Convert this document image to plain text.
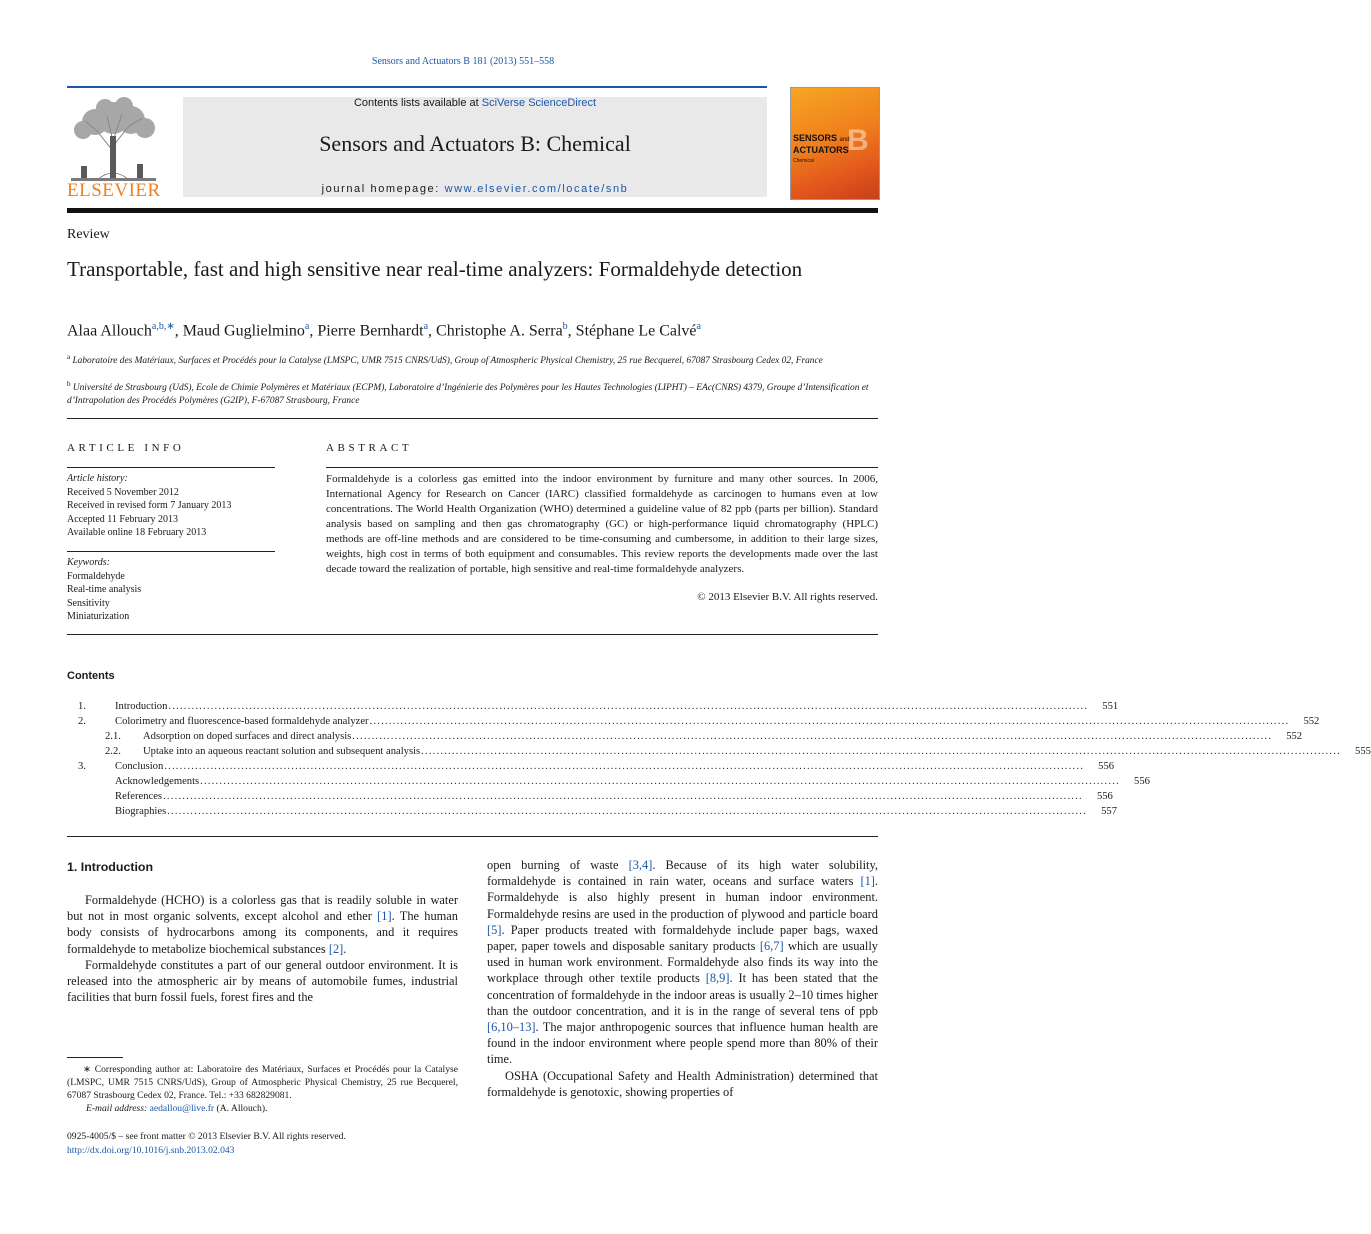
Sensors and Actuators B 181 (2013) 551–558
ELSEVIER
Contents lists available at SciVerse ScienceDirect
Sensors and Actuators B: Chemical
journal homepage: www.elsevier.com/locate/snb
B
SENSORS and
ACTUATORS
Chemical
Review
Transportable, fast and high sensitive near real-time analyzers: Formaldehyde detection
Alaa Allouch$^{a,b,∗}$, Maud Guglielmino$^a$, Pierre Bernhardt$^a$, Christophe A. Serra$^b$, Stéphane Le Calvé$^a$
$^a$ Laboratoire des Matériaux, Surfaces et Procédés pour la Catalyse (LMSPC, UMR 7515 CNRS/UdS), Group of Atmospheric Physical Chemistry, 25 rue Becquerel, 67087 Strasbourg Cedex 02, France
$^b$ Université de Strasbourg (UdS), Ecole de Chimie Polymères et Matériaux (ECPM), Laboratoire d’Ingénierie des Polymères pour les Hautes Technologies (LIPHT) – EAc(CNRS) 4379, Groupe d’Intensification et d’Intrapolation des Procédés Polymères (G2IP), F-67087 Strasbourg, France
ARTICLE INFO
Article history:
Received 5 November 2012
Received in revised form 7 January 2013
Accepted 11 February 2013
Available online 18 February 2013
Keywords:
Formaldehyde
Real-time analysis
Sensitivity
Miniaturization
ABSTRACT
Formaldehyde is a colorless gas emitted into the indoor environment by furniture and many other sources. In 2006, International Agency for Research on Cancer (IARC) classified formaldehyde as carcinogen to humans even at low concentrations. The World Health Organization (WHO) determined a guideline value of 82 ppb (parts per billion). Standard analysis based on sampling and then gas chromatography (GC) or high-performance liquid chromatography (HPLC) methods are off-line methods and are considered to be time-consuming and cumbersome, in addition to their large sizes, weights, high cost in terms of both equipment and consumables. This review reports the developments made over the last decade toward the realization of portable, high sensitive and real-time formaldehyde analyzers.
© 2013 Elsevier B.V. All rights reserved.
Contents
1.	Introduction ...............................................................................................................................................................................................................................................	551
2.	Colorimetry and fluorescence-based formaldehyde analyzer ...............................................................................................................................................................................................................................................	552
2.1.	Adsorption on doped surfaces and direct analysis ...............................................................................................................................................................................................................................................	552
2.2.	Uptake into an aqueous reactant solution and subsequent analysis ...............................................................................................................................................................................................................................................	555
3.	Conclusion ...............................................................................................................................................................................................................................................	556
Acknowledgements ...............................................................................................................................................................................................................................................	556
References ...............................................................................................................................................................................................................................................	556
Biographies ...............................................................................................................................................................................................................................................	557
1. Introduction

Formaldehyde (HCHO) is a colorless gas that is readily soluble in water but not in most organic solvents, except alcohol and ether [1]. The human body consists of hydrocarbons among its components, and it requires formaldehyde to metabolize biochemical substances [2].

Formaldehyde constitutes a part of our general outdoor environment. It is released into the atmospheric air by means of automobile fumes, industrial facilities that burn fossil fuels, forest fires and the

open burning of waste [3,4]. Because of its high water solubility, formaldehyde is contained in rain water, oceans and surface waters [1]. Formaldehyde is also highly present in human indoor environment. Formaldehyde resins are used in the production of plywood and particle board [5]. Paper products treated with formaldehyde include paper bags, waxed paper, paper towels and disposable sanitary products [6,7] which are usually used in human work environment. Formaldehyde also finds its way into the workplace through other textile products [8,9]. It has been stated that the concentration of formaldehyde in the indoor areas is usually 2–10 times higher than the outdoor concentration, and it is in the range of several tens of ppb [6,10–13]. The major anthropogenic sources that influence human health are found in the indoor environment where people spend more than 80% of their time.

OSHA (Occupational Safety and Health Administration) determined that formaldehyde is genotoxic, showing properties of

∗ Corresponding author at: Laboratoire des Matériaux, Surfaces et Procédés pour la Catalyse (LMSPC, UMR 7515 CNRS/UdS), Group of Atmospheric Physical Chemistry, 25 rue Becquerel, 67087 Strasbourg Cedex 02, France. Tel.: +33 682829081.
E-mail address: aedallou@live.fr (A. Allouch).
0925-4005/$ – see front matter © 2013 Elsevier B.V. All rights reserved.
http://dx.doi.org/10.1016/j.snb.2013.02.043
